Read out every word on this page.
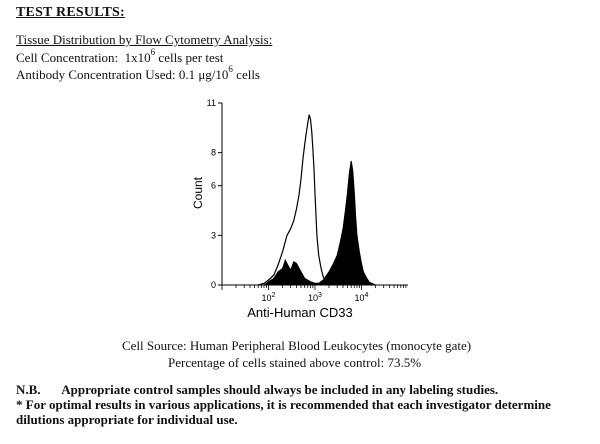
TEST RESULTS:
Tissue Distribution by Flow Cytometry Analysis:
Cell Concentration: $1x10^6$ cells per test
Antibody Concentration Used: 0.1 $\mu g/10^6$ cells
0
3
6
8
11
$10^2$	$10^3$	$10^4$
Count
Anti-Human CD33
Cell Source: Human Peripheral Blood Leukocytes (monocyte gate)
Percentage of cells stained above control: 73.5%
N.B. Appropriate control samples should always be included in any labeling studies.
* For optimal results in various applications, it is recommended that each investigator determine
dilutions appropriate for individual use.
